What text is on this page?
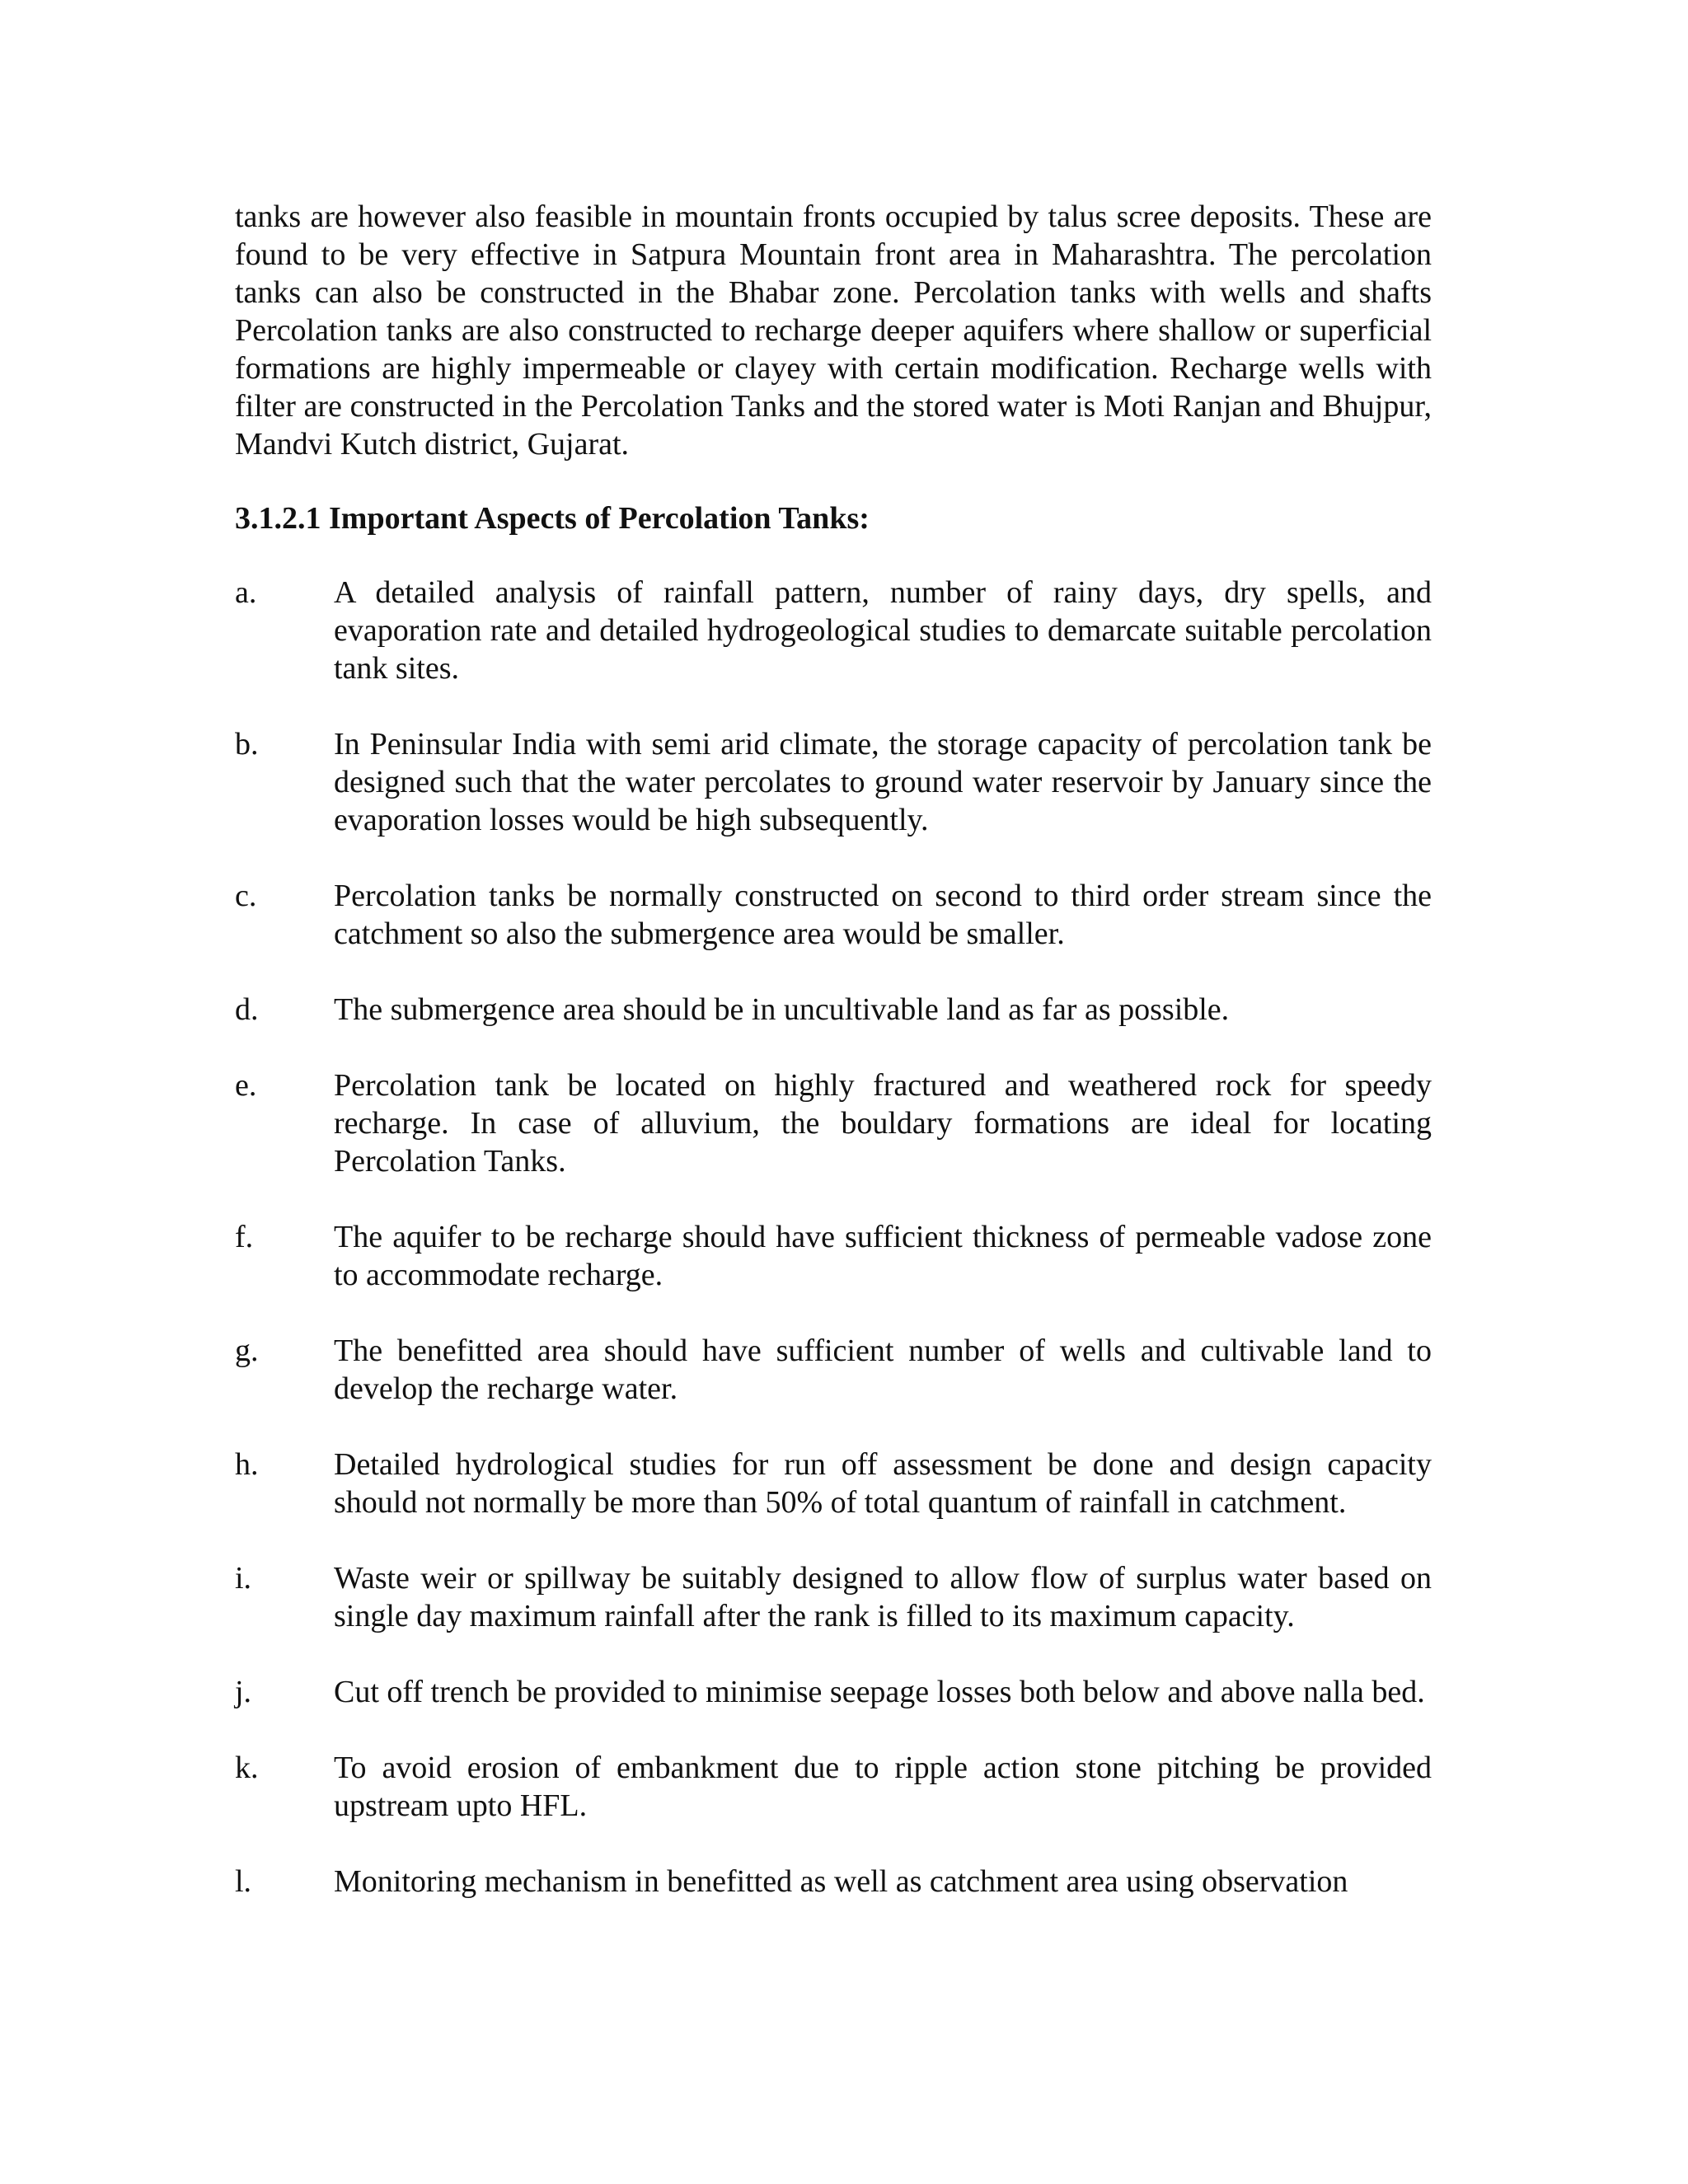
tanks are however also feasible in mountain fronts occupied by talus scree deposits. These are found to be very effective in Satpura Mountain front area in Maharashtra. The percolation tanks can also be constructed in the Bhabar zone. Percolation tanks with wells and shafts Percolation tanks are also constructed to recharge deeper aquifers where shallow or superficial formations are highly impermeable or clayey with certain modification. Recharge wells with filter are constructed in the Percolation Tanks and the stored water is Moti Ranjan and Bhujpur, Mandvi Kutch district, Gujarat.

3.1.2.1 Important Aspects of Percolation Tanks:
a.	A detailed analysis of rainfall pattern, number of rainy days, dry spells, and evaporation rate and detailed hydrogeological studies to demarcate suitable percolation tank sites.

b.	In Peninsular India with semi arid climate, the storage capacity of percolation tank be designed such that the water percolates to ground water reservoir by January since the evaporation losses would be high subsequently.

c.	Percolation tanks be normally constructed on second to third order stream since the catchment so also the submergence area would be smaller.

d.	The submergence area should be in uncultivable land as far as possible.

e.	Percolation tank be located on highly fractured and weathered rock for speedy recharge. In case of alluvium, the bouldary formations are ideal for locating Percolation Tanks.

f.	The aquifer to be recharge should have sufficient thickness of permeable vadose zone to accommodate recharge.

g.	The benefitted area should have sufficient number of wells and cultivable land to develop the recharge water.

h.	Detailed hydrological studies for run off assessment be done and design capacity should not normally be more than 50% of total quantum of rainfall in catchment.

i.	Waste weir or spillway be suitably designed to allow flow of surplus water based on single day maximum rainfall after the rank is filled to its maximum capacity.

j.	Cut off trench be provided to minimise seepage losses both below and above nalla bed.

k.	To avoid erosion of embankment due to ripple action stone pitching be provided upstream upto HFL.

l.	Monitoring mechanism in benefitted as well as catchment area using observation
